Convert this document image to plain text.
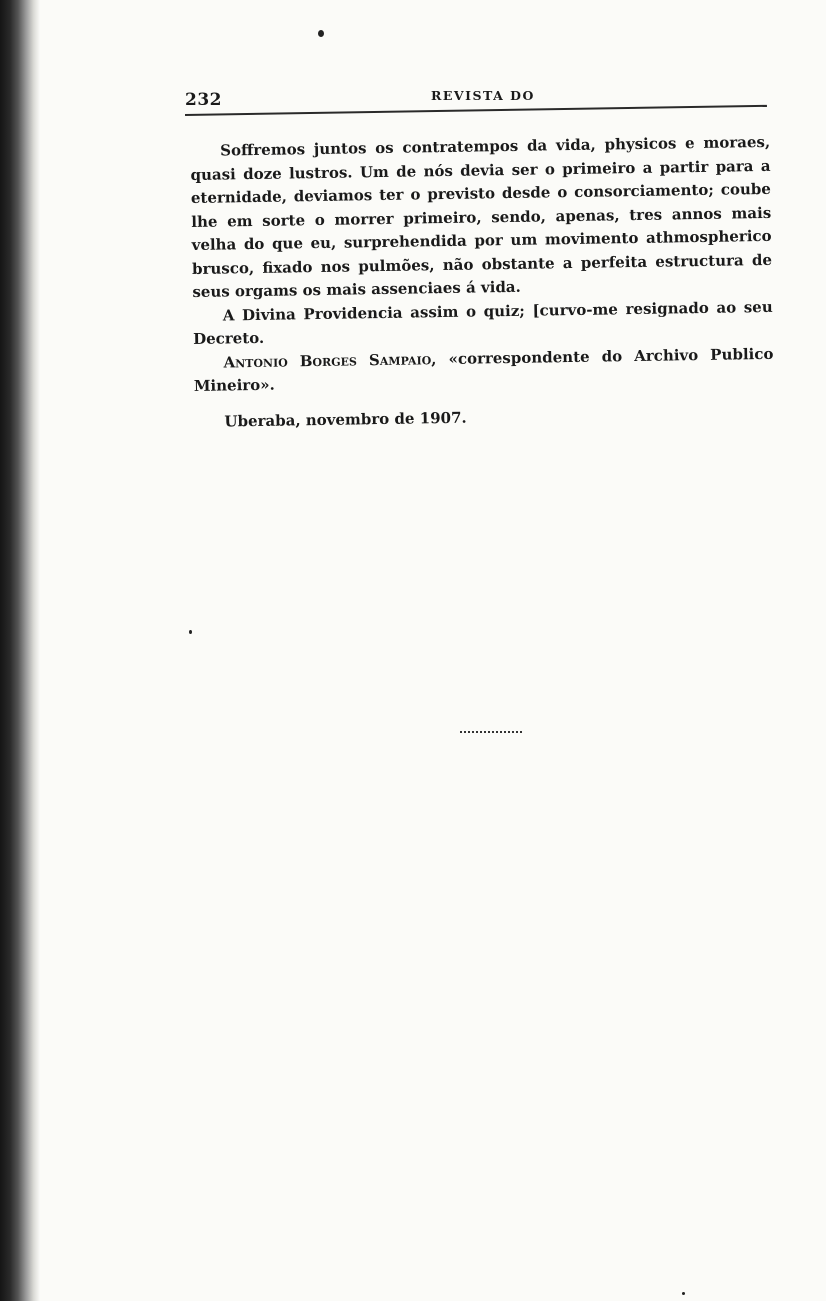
232	REVISTA DO

Soffremos juntos os contratempos da vida, physicos e moraes, quasi doze lustros. Um de nós devia ser o primeiro a partir para a eternidade, deviamos ter o previsto desde o consorciamento; coube lhe em sorte o morrer primeiro, sendo, apenas, tres annos mais velha do que eu, surprehendida por um movimento athmospherico brusco, fixado nos pulmões, não obstante a perfeita estructura de seus orgams os mais assenciaes á vida.

A Divina Providencia assim o quiz; [curvo-me resignado ao seu Decreto.

Antonio Borges Sampaio, «correspondente do Archivo Publico Mineiro».

Uberaba, novembro de 1907.
